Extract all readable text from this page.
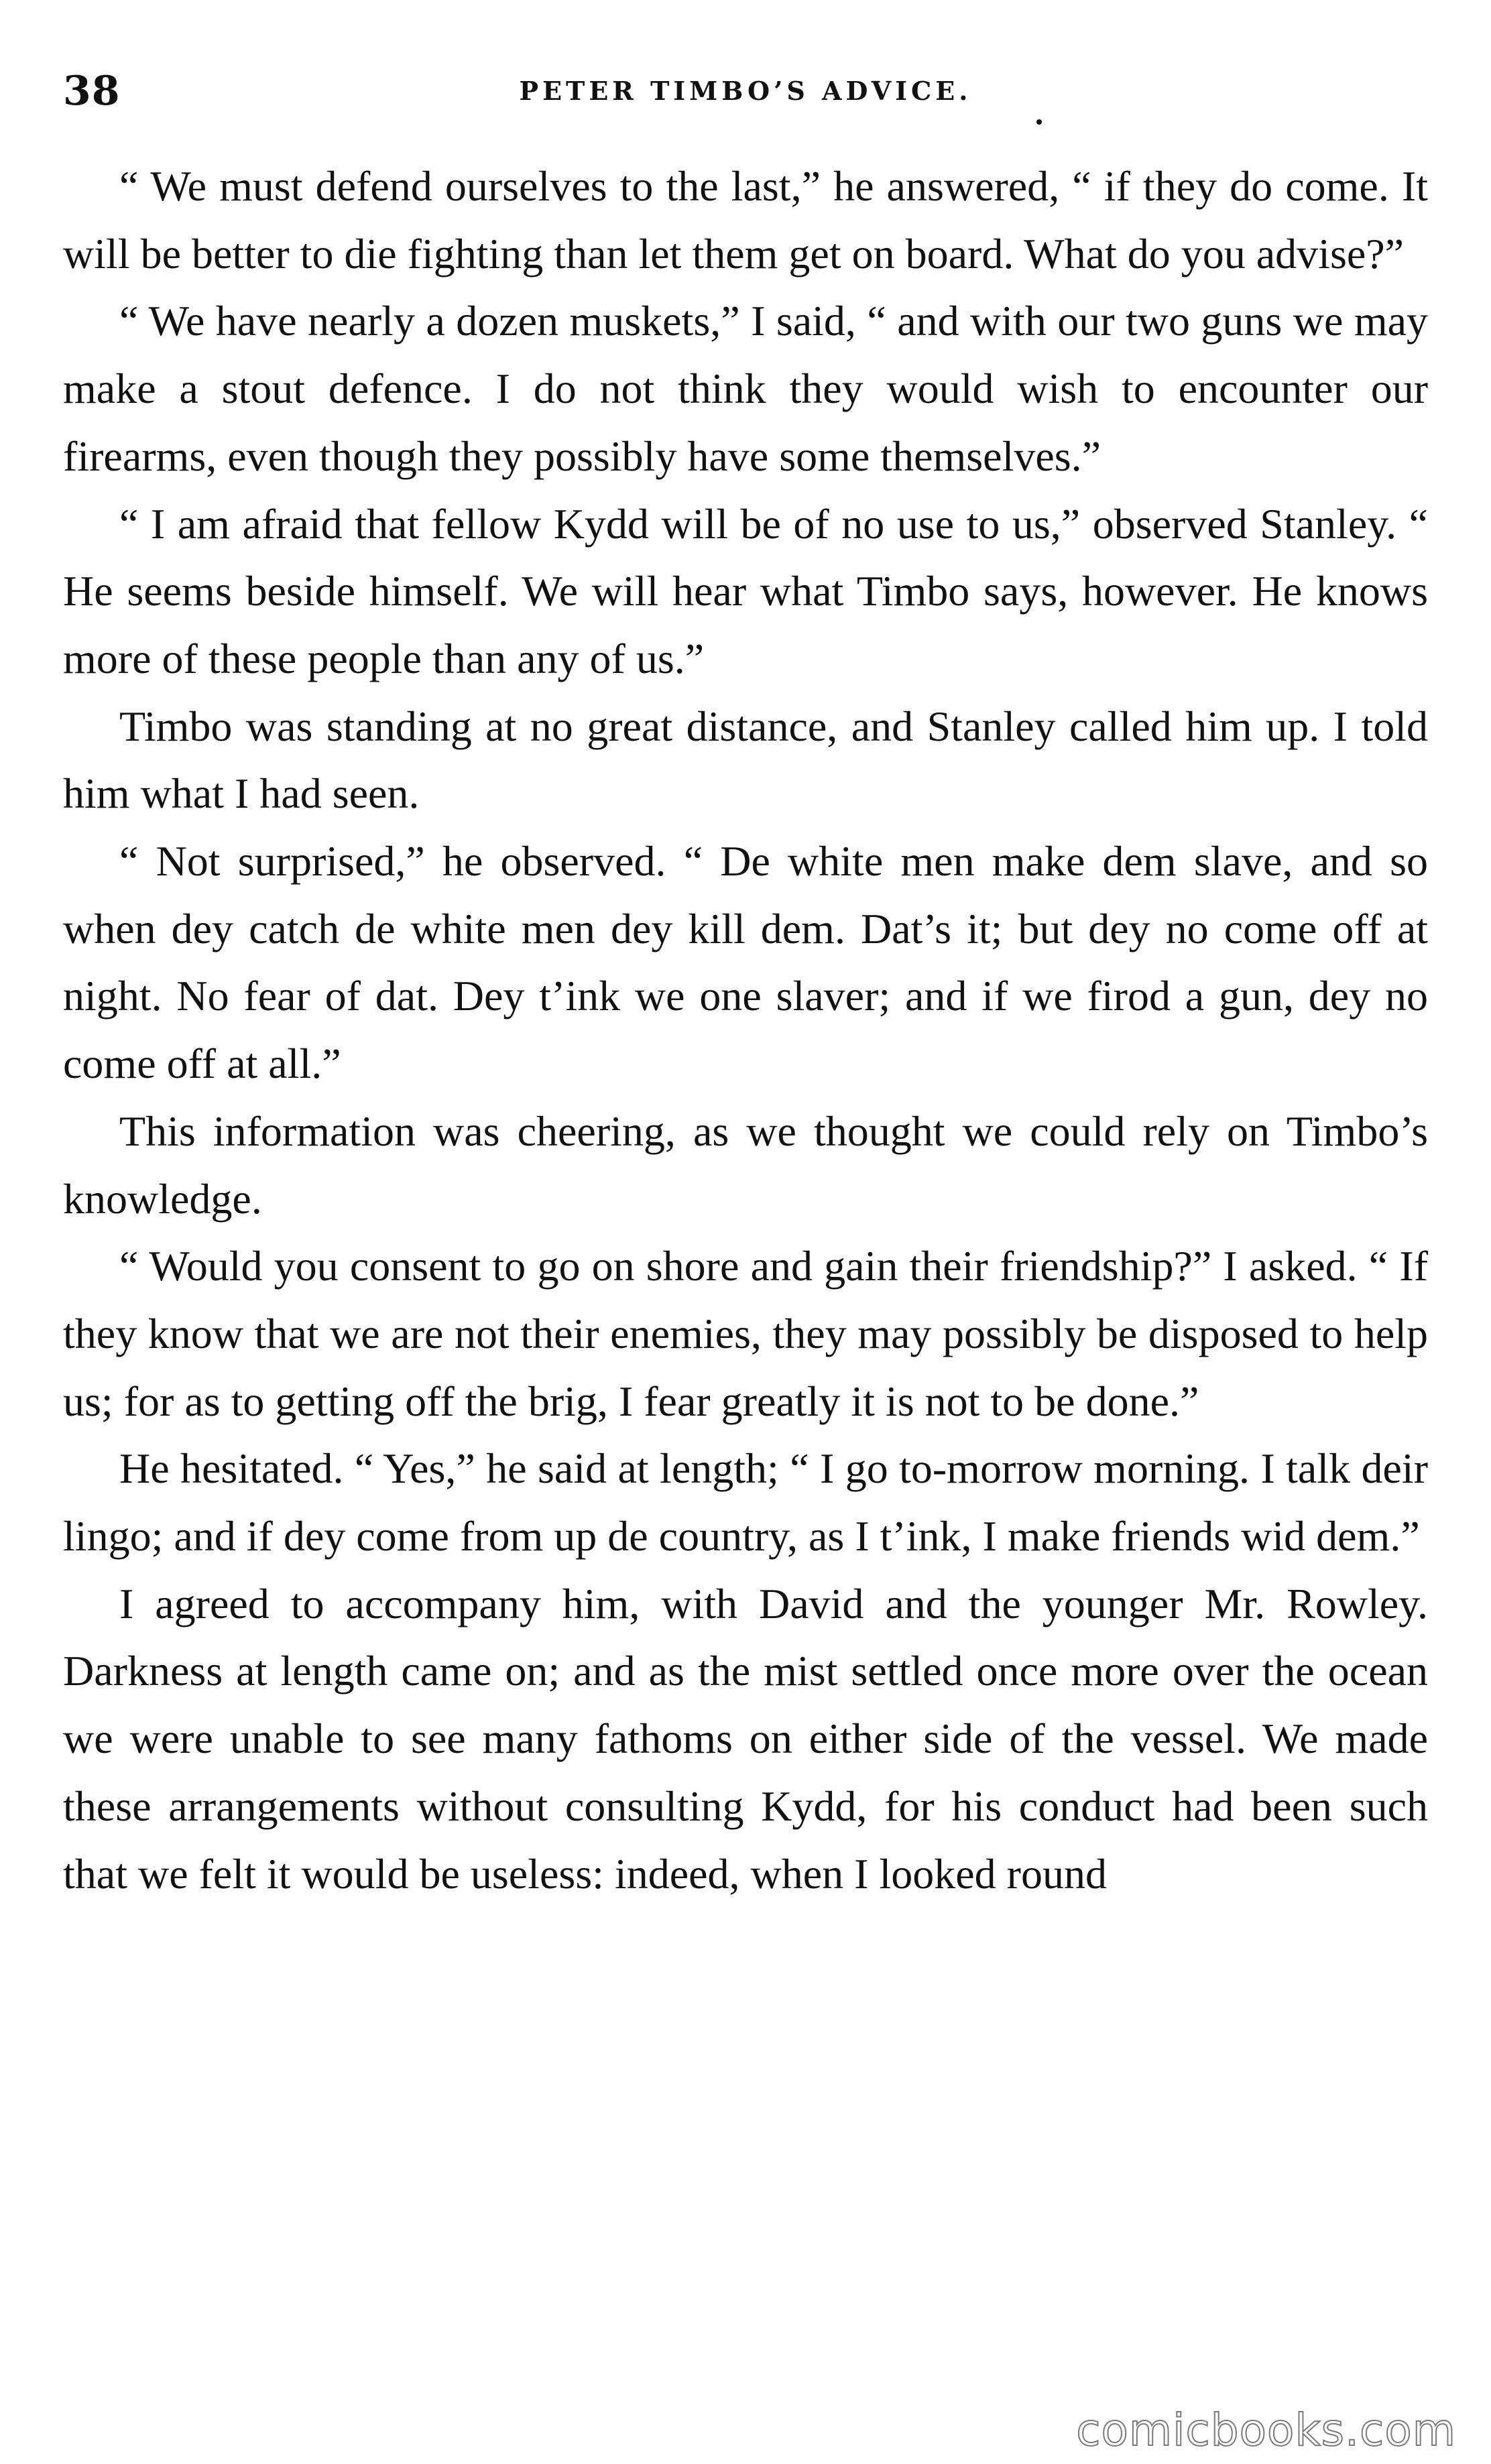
38	PETER TIMBO’S ADVICE.

“ We must defend ourselves to the last,” he answered, “ if they do come. It will be better to die fighting than let them get on board. What do you advise?”

“ We have nearly a dozen muskets,” I said, “ and with our two guns we may make a stout defence. I do not think they would wish to encounter our firearms, even though they possibly have some themselves.”

“ I am afraid that fellow Kydd will be of no use to us,” observed Stanley. “ He seems beside himself. We will hear what Timbo says, however. He knows more of these people than any of us.”

Timbo was standing at no great distance, and Stanley called him up. I told him what I had seen.

“ Not surprised,” he observed. “ De white men make dem slave, and so when dey catch de white men dey kill dem. Dat’s it; but dey no come off at night. No fear of dat. Dey t’ink we one slaver; and if we firod a gun, dey no come off at all.”

This information was cheering, as we thought we could rely on Timbo’s knowledge.

“ Would you consent to go on shore and gain their friendship?” I asked. “ If they know that we are not their enemies, they may possibly be disposed to help us; for as to getting off the brig, I fear greatly it is not to be done.”

He hesitated. “ Yes,” he said at length; “ I go to-morrow morning. I talk deir lingo; and if dey come from up de country, as I t’ink, I make friends wid dem.”

I agreed to accompany him, with David and the younger Mr. Rowley. Darkness at length came on; and as the mist settled once more over the ocean we were unable to see many fathoms on either side of the vessel. We made these arrangements without consulting Kydd, for his conduct had been such that we felt it would be useless: indeed, when I looked round

comicbooks.com
